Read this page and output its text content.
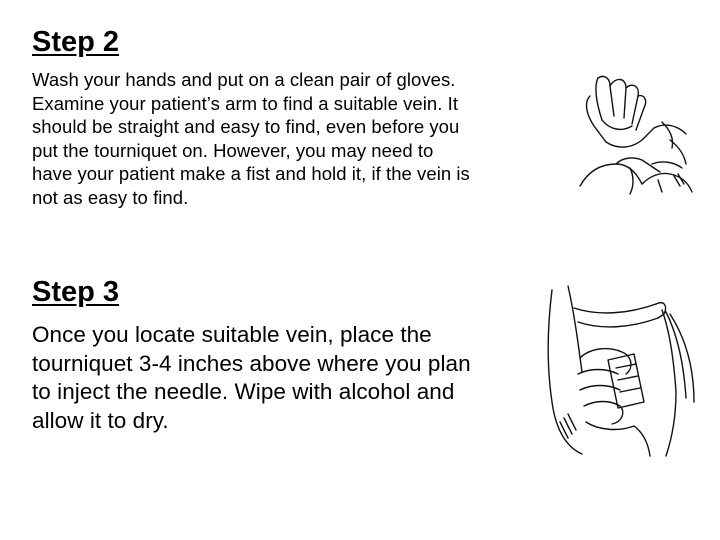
Step 2

Wash your hands and put on a clean pair of gloves.
Examine your patient’s arm to find a suitable vein. It
should be straight and easy to find, even before you
put the tourniquet on. However, you may need to
have your patient make a fist and hold it, if the vein is
not as easy to find.

Step 3

Once you locate suitable vein, place the
tourniquet 3-4 inches above where you plan
to inject the needle. Wipe with alcohol and
allow it to dry.
